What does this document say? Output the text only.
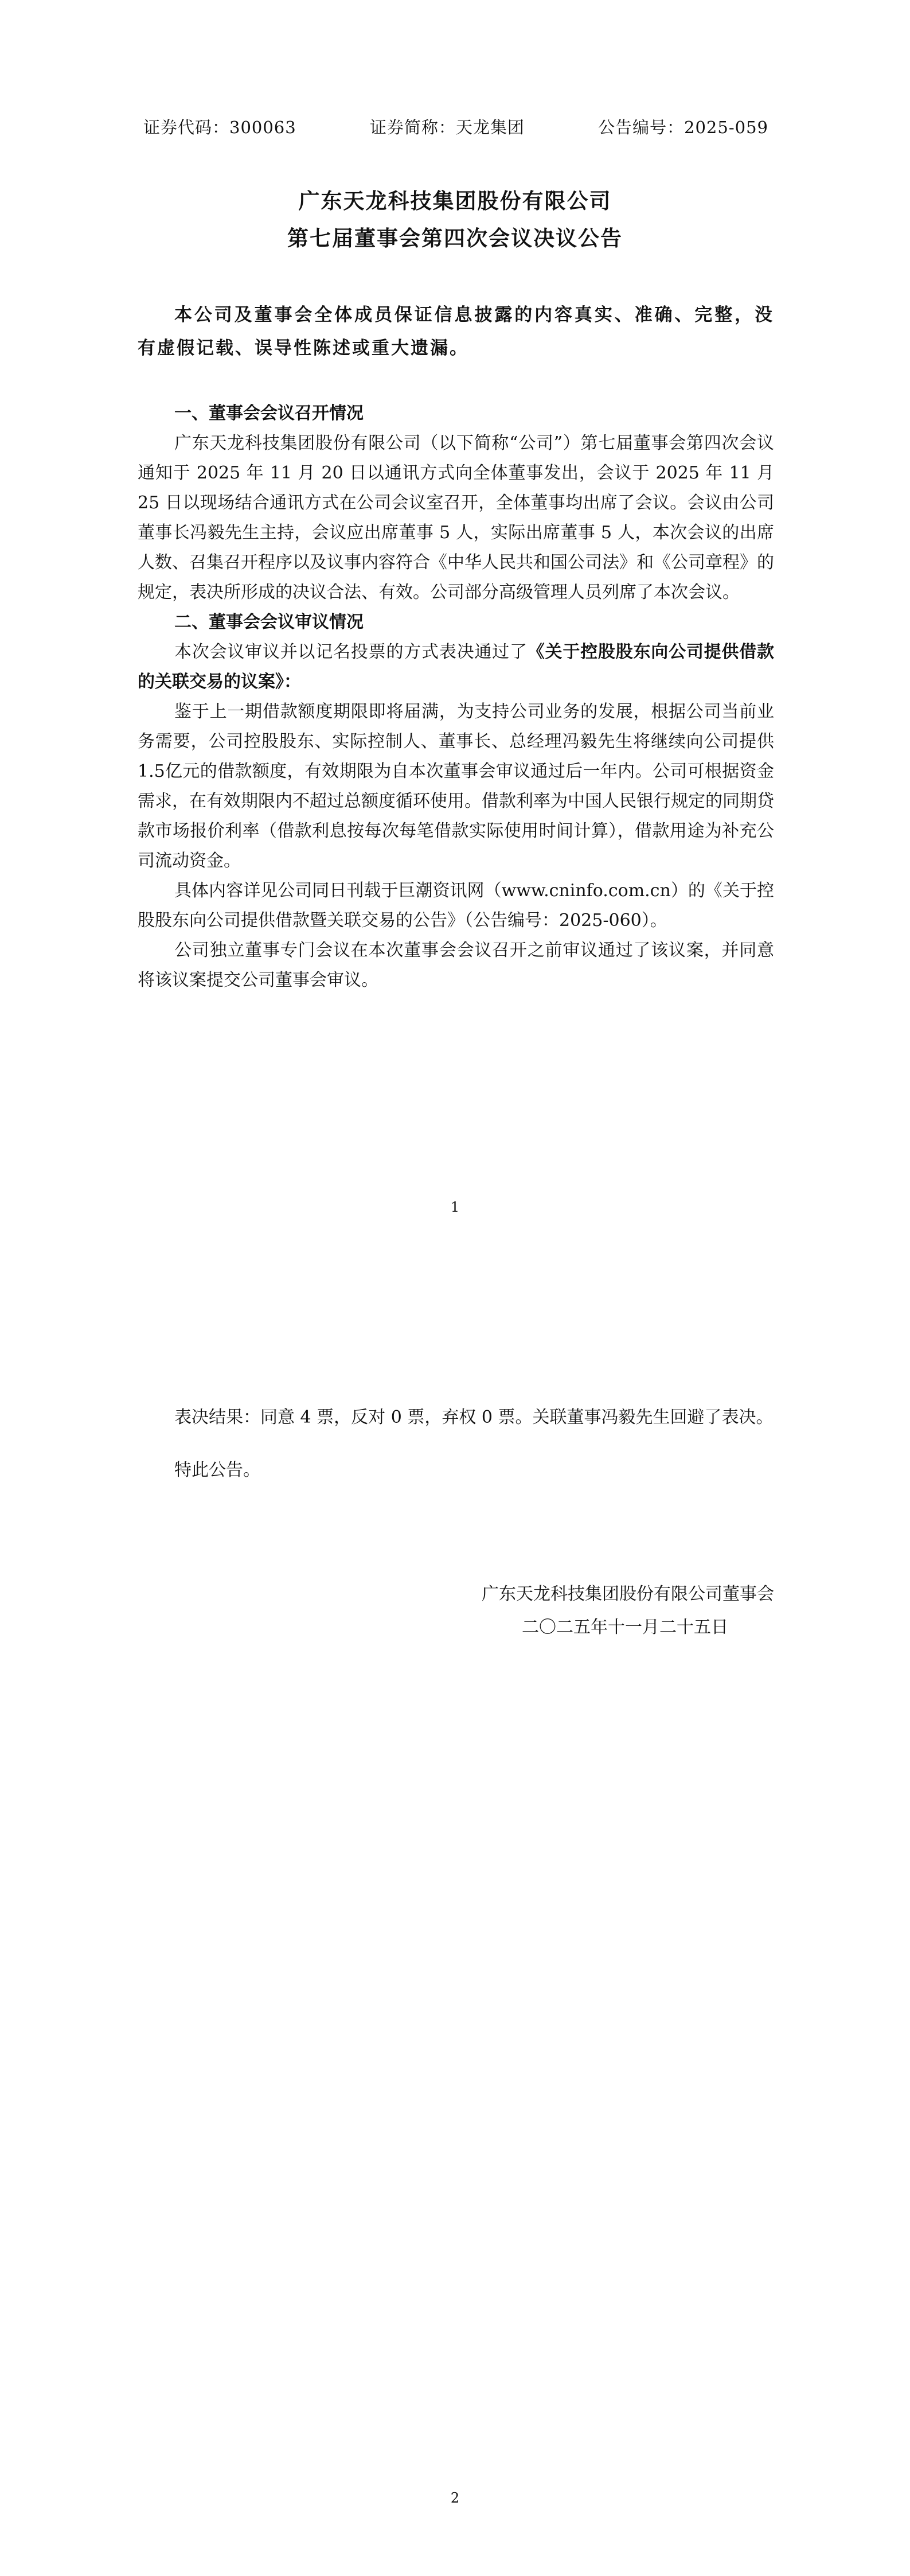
证券代码：300063	证券简称：天龙集团	公告编号：2025-059
广东天龙科技集团股份有限公司
第七届董事会第四次会议决议公告
本公司及董事会全体成员保证信息披露的内容真实、准确、完整，没有虚假记载、误导性陈述或重大遗漏。
一、董事会会议召开情况

广东天龙科技集团股份有限公司（以下简称“公司”）第七届董事会第四次会议通知于 2025 年 11 月 20 日以通讯方式向全体董事发出，会议于 2025 年 11 月 25 日以现场结合通讯方式在公司会议室召开，全体董事均出席了会议。会议由公司董事长冯毅先生主持，会议应出席董事 5 人，实际出席董事 5 人，本次会议的出席人数、召集召开程序以及议事内容符合《中华人民共和国公司法》和《公司章程》的规定，表决所形成的决议合法、有效。公司部分高级管理人员列席了本次会议。

二、董事会会议审议情况

本次会议审议并以记名投票的方式表决通过了《关于控股股东向公司提供借款的关联交易的议案》：

鉴于上一期借款额度期限即将届满，为支持公司业务的发展，根据公司当前业务需要，公司控股股东、实际控制人、董事长、总经理冯毅先生将继续向公司提供1.5亿元的借款额度，有效期限为自本次董事会审议通过后一年内。公司可根据资金需求，在有效期限内不超过总额度循环使用。借款利率为中国人民银行规定的同期贷款市场报价利率（借款利息按每次每笔借款实际使用时间计算），借款用途为补充公司流动资金。

具体内容详见公司同日刊载于巨潮资讯网（www.cninfo.com.cn）的《关于控股股东向公司提供借款暨关联交易的公告》（公告编号：2025-060）。

公司独立董事专门会议在本次董事会会议召开之前审议通过了该议案，并同意将该议案提交公司董事会审议。

1

表决结果：同意 4 票，反对 0 票，弃权 0 票。关联董事冯毅先生回避了表决。

特此公告。

广东天龙科技集团股份有限公司董事会
二〇二五年十一月二十五日
2
